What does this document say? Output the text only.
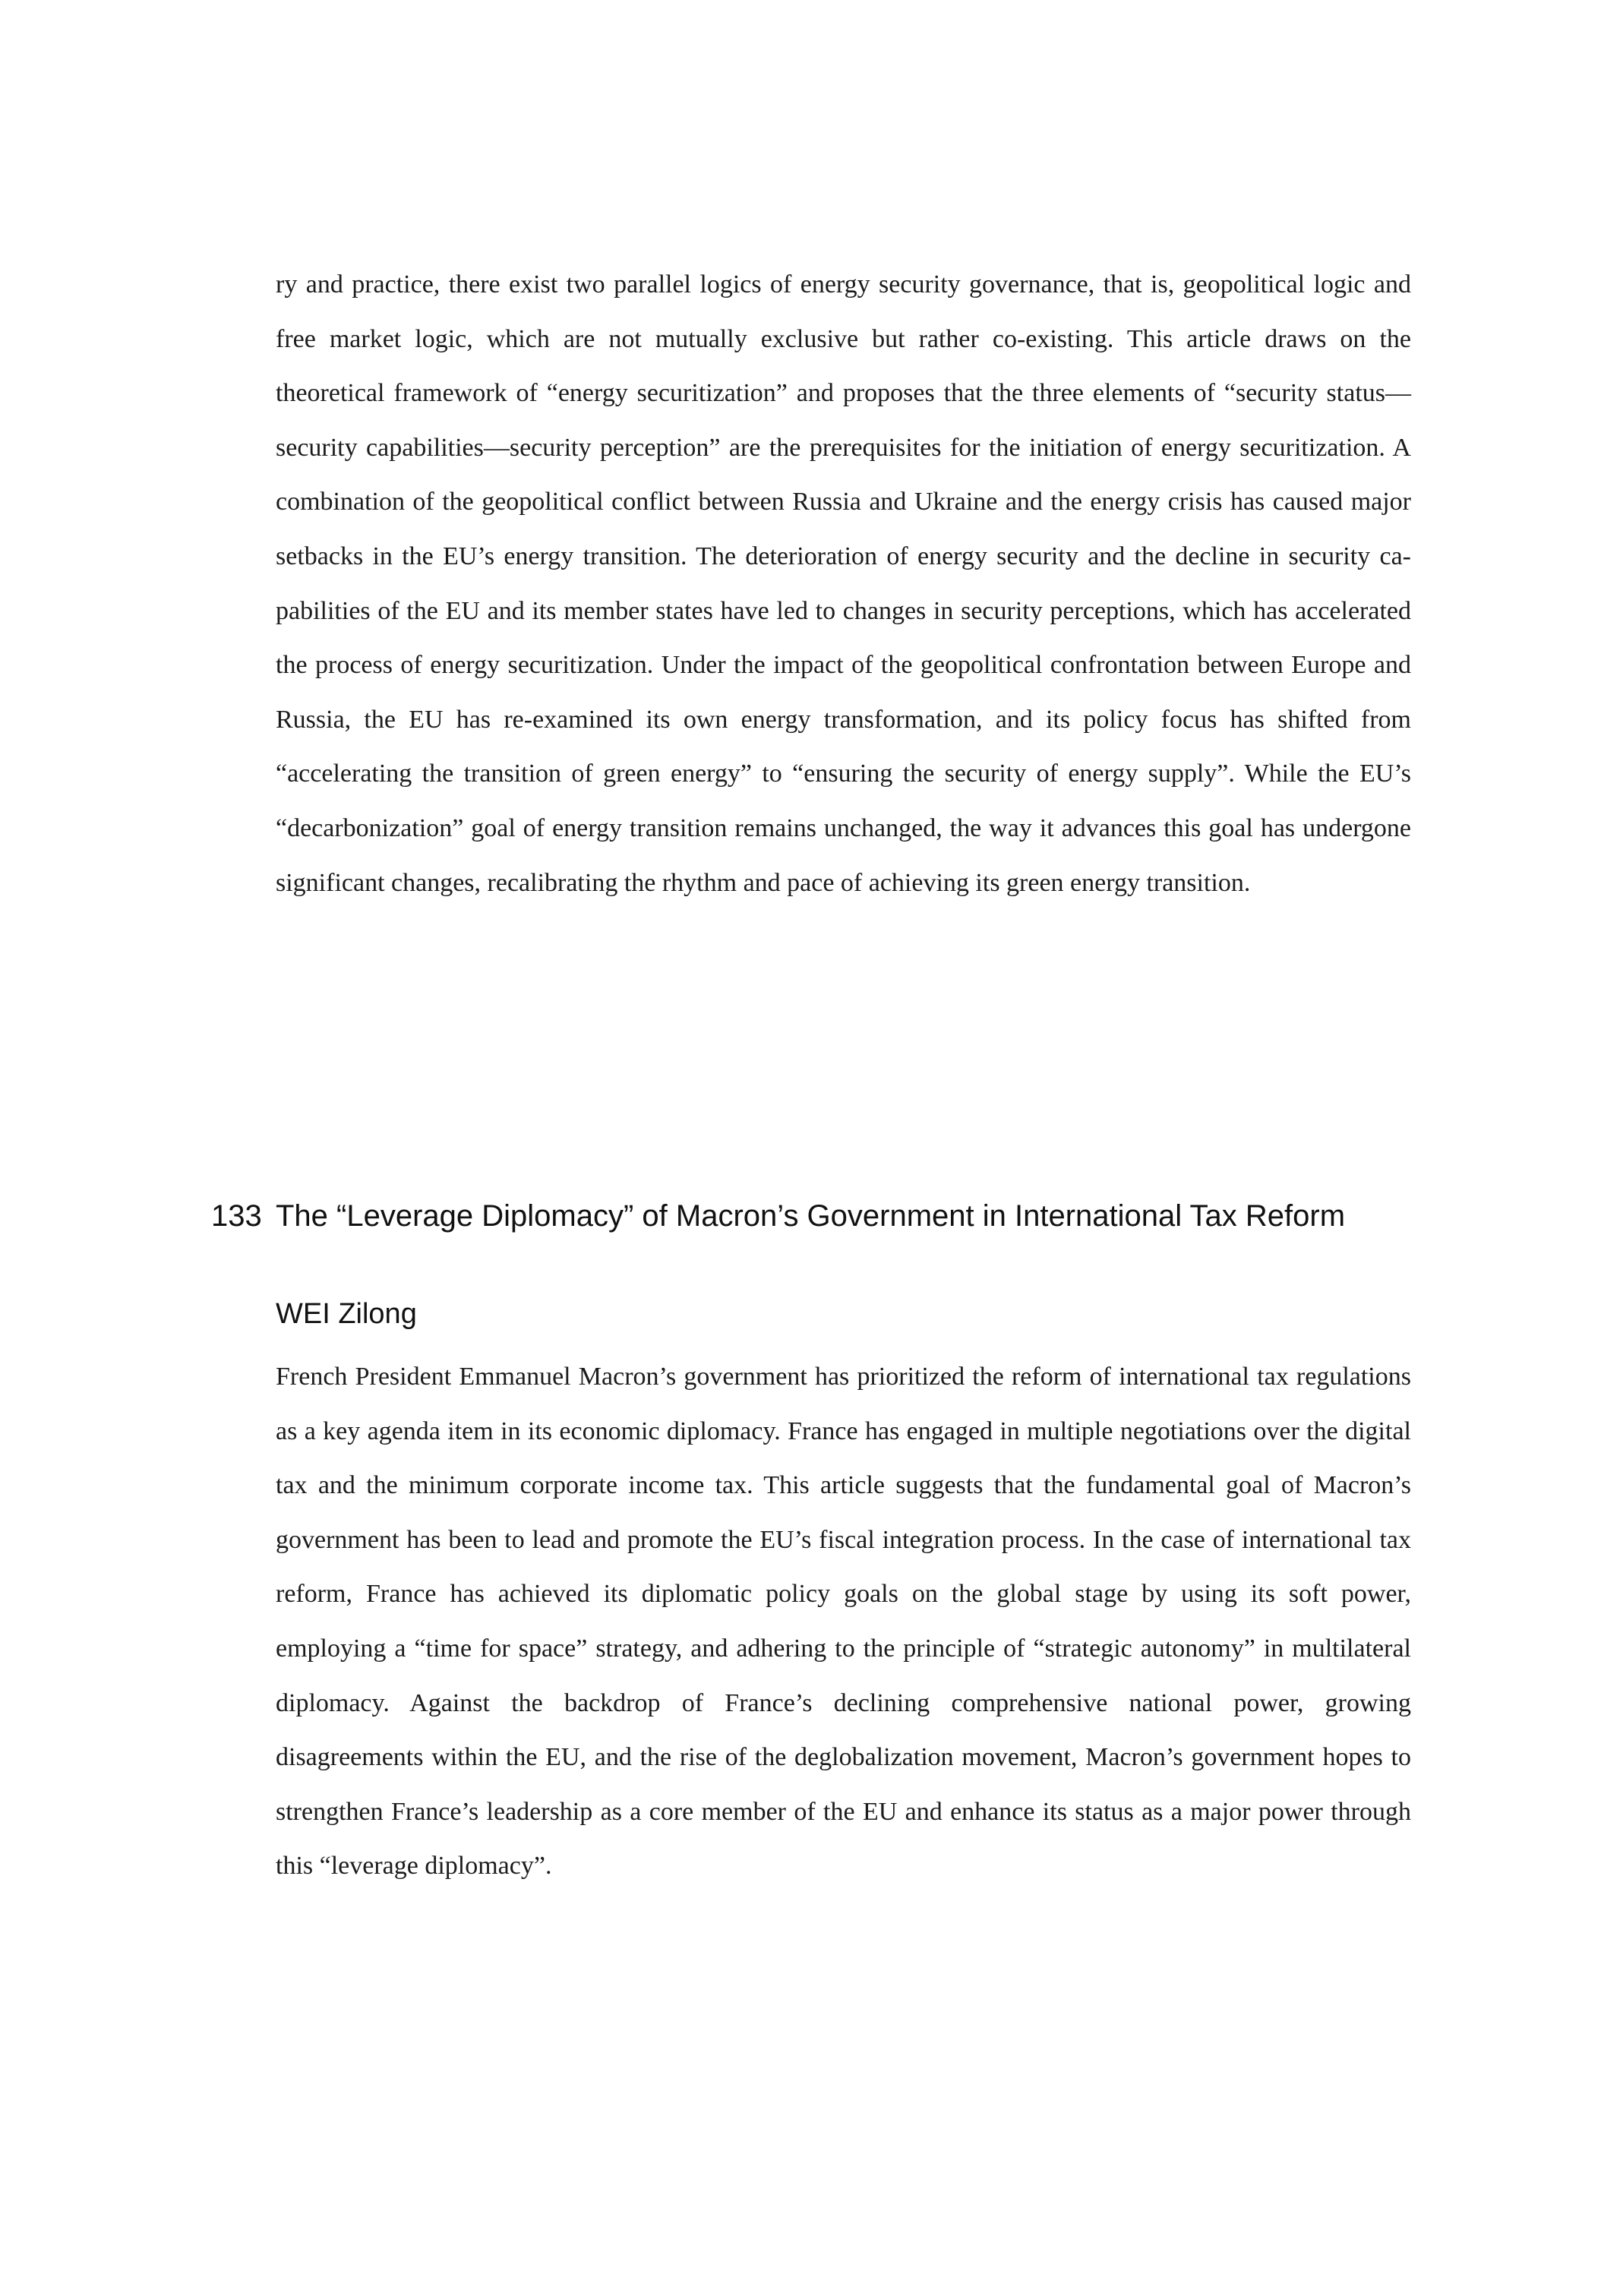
ry and practice, there exist two parallel logics of energy security governance, that is, geopolitical logic and free market logic, which are not mutually exclusive but rather co-existing. This article draws on the theoretical framework of “energy securitization” and proposes that the three elements of “security status—security capabilities—security perception” are the prerequisites for the initiation of energy securitization. A combination of the geopolitical conflict between Russia and Ukraine and the energy crisis has caused major setbacks in the EU’s energy transition. The deterioration of energy security and the decline in security capabilities of the EU and its member states have led to changes in security perceptions, which has accelerated the process of energy securitization. Under the impact of the geopolitical confrontation between Europe and Russia, the EU has re-examined its own energy transformation, and its policy focus has shifted from “accelerating the transition of green energy” to “ensuring the security of energy supply”. While the EU’s “decarbonization” goal of energy transition remains unchanged, the way it advances this goal has undergone significant changes, recalibrating the rhythm and pace of achieving its green energy transition.

133 The “Leverage Diplomacy” of Macron’s Government in International Tax Reform
WEI Zilong

French President Emmanuel Macron’s government has prioritized the reform of international tax regulations as a key agenda item in its economic diplomacy. France has engaged in multiple negotiations over the digital tax and the minimum corporate income tax. This article suggests that the fundamental goal of Macron’s government has been to lead and promote the EU’s fiscal integration process. In the case of international tax reform, France has achieved its diplomatic policy goals on the global stage by using its soft power, employing a “time for space” strategy, and adhering to the principle of “strategic autonomy” in multilateral diplomacy. Against the backdrop of France’s declining comprehensive national power, growing disagreements within the EU, and the rise of the deglobalization movement, Macron’s government hopes to strengthen France’s leadership as a core member of the EU and enhance its status as a major power through this “leverage diplomacy”.
